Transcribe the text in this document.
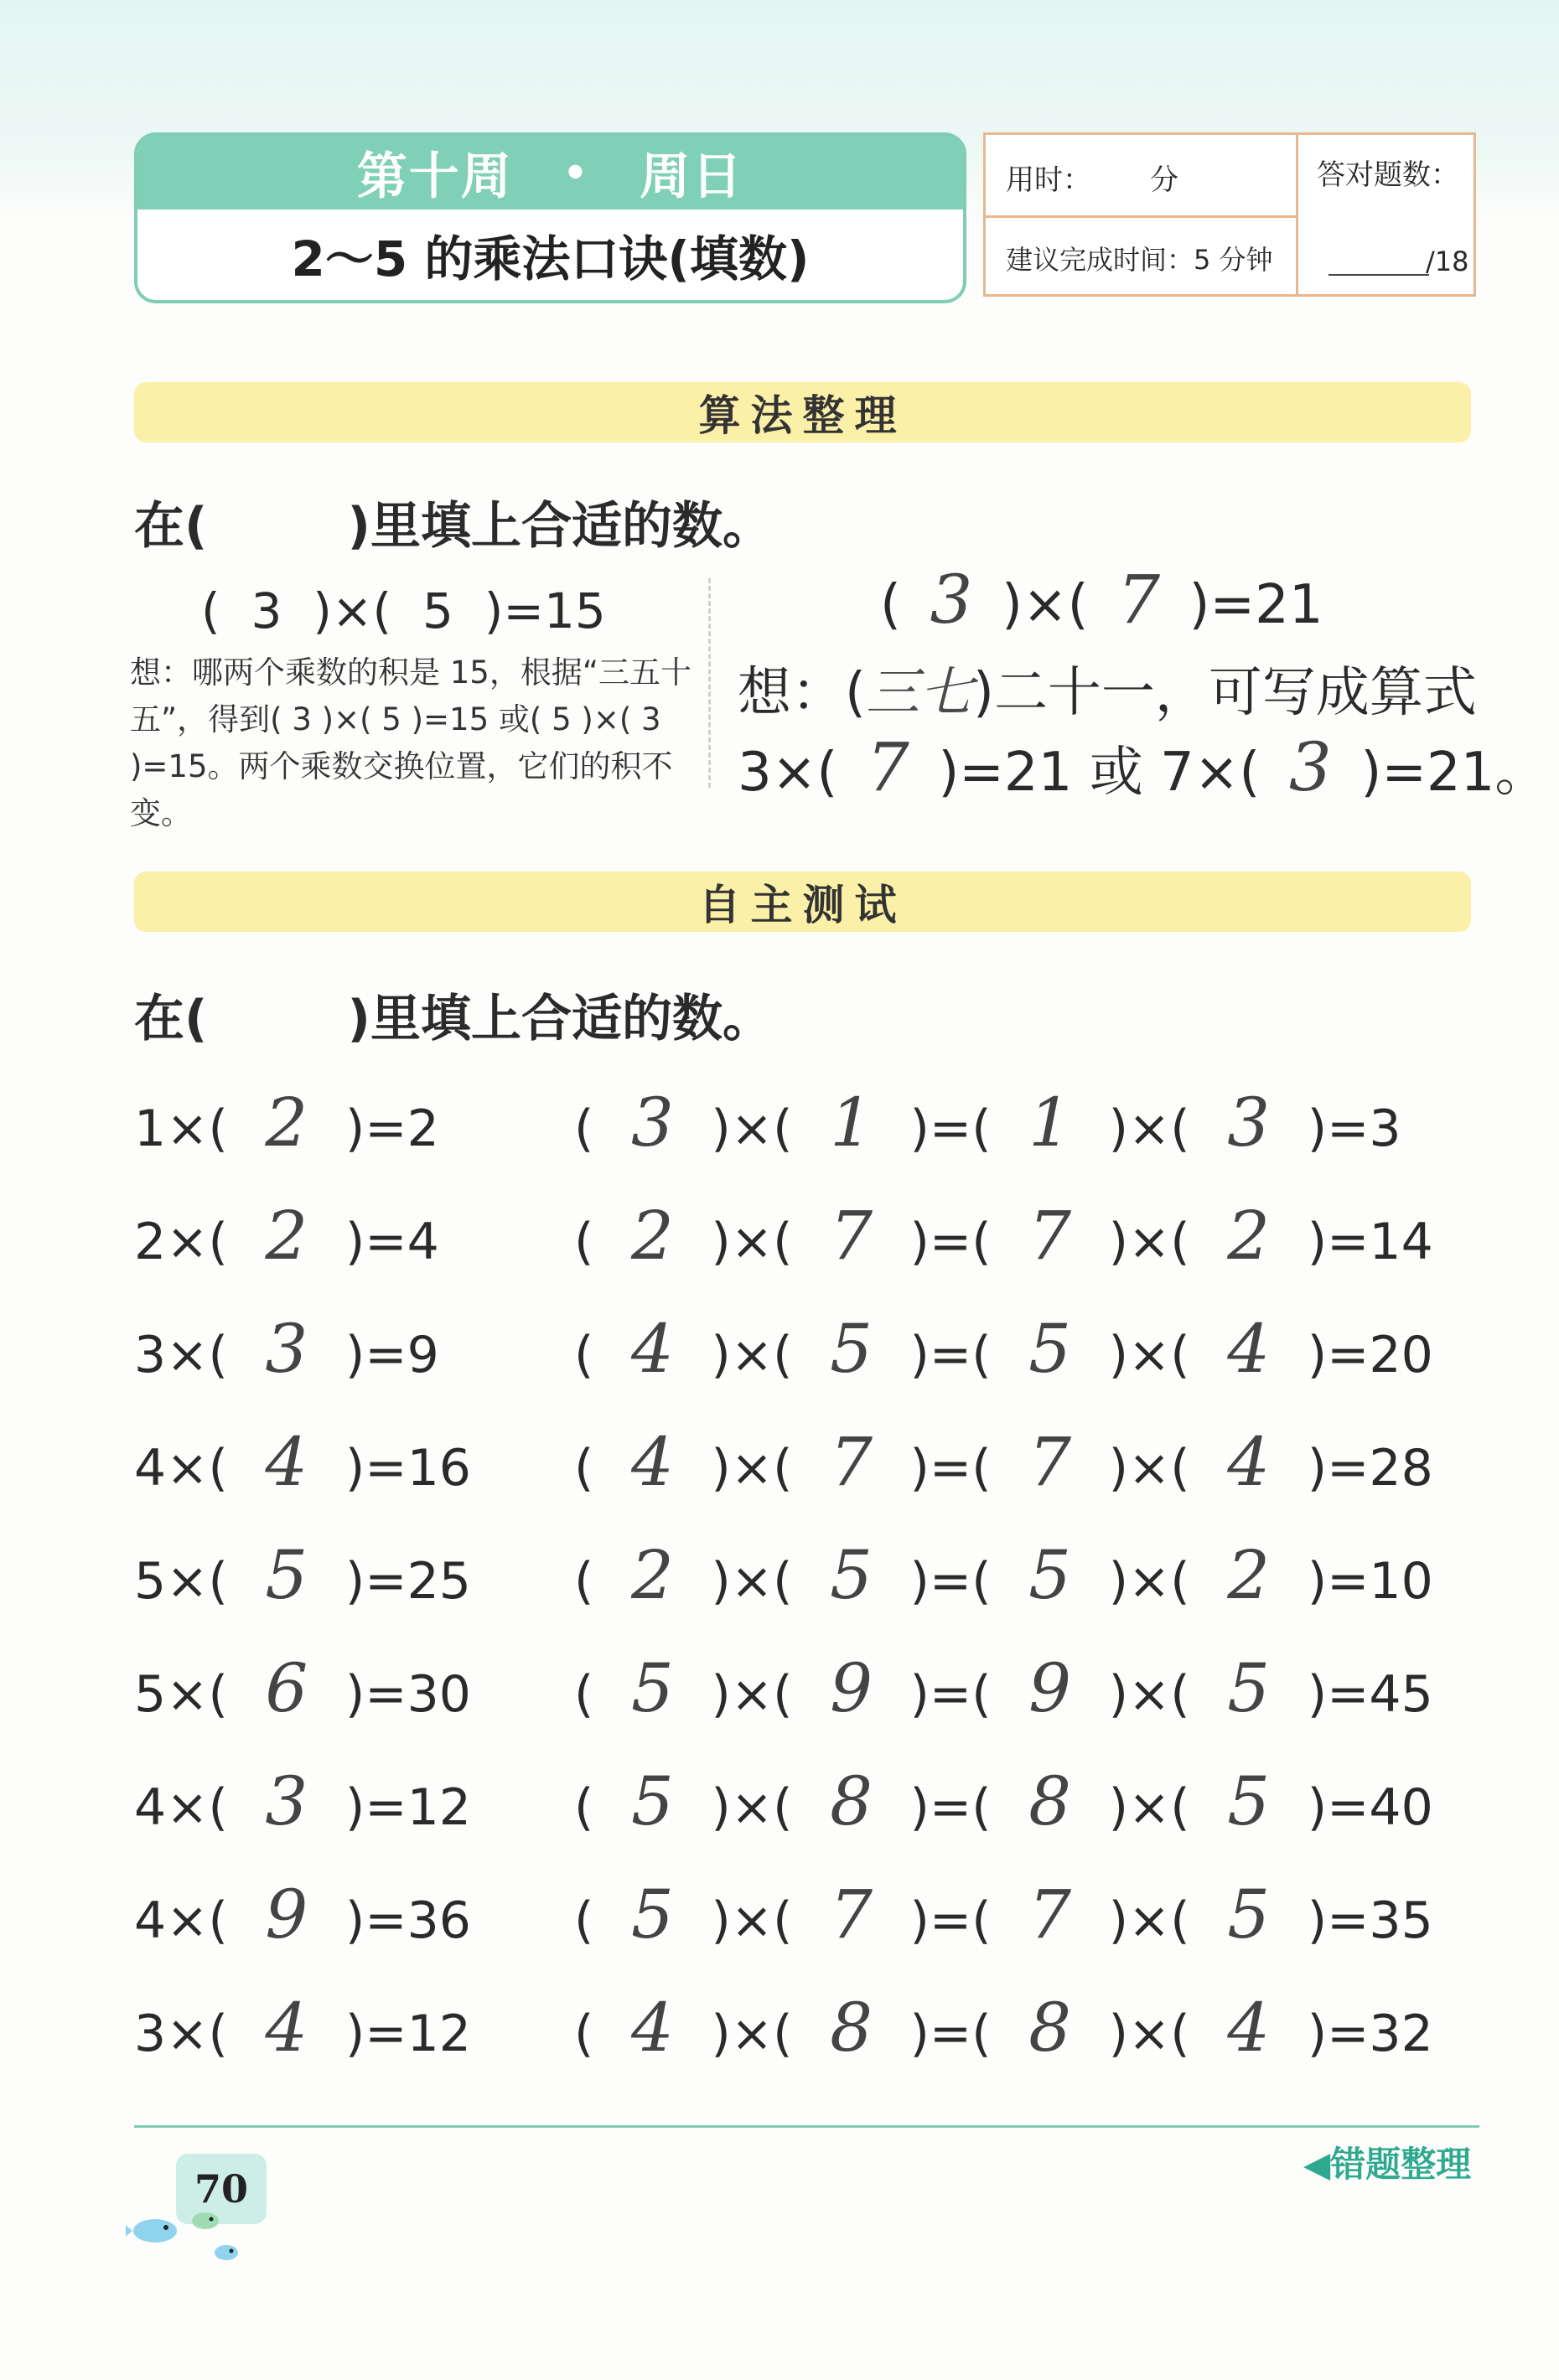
第十周 • 周日
2～5 的乘法口诀(填数)
用时： 分
建议完成时间：5 分钟
答对题数：
/18
算法整理
在(        )里填上合适的数。
(  3  )×(  5  )=15
想：哪两个乘数的积是 15，根据“三五十五”，得到( 3 )×( 5 )=15 或( 5 )×( 3 )=15。两个乘数交换位置，它们的积不变。
( 3 )×( 7 )=21
想：(三七)二十一，可写成算式
3×( 7 )=21 或 7×( 3 )=21。
自主测试
在(        )里填上合适的数。
1×( 2 )=2	( 3 )×( 1 )=( 1 )×( 3 )=3
2×( 2 )=4	( 2 )×( 7 )=( 7 )×( 2 )=14
3×( 3 )=9	( 4 )×( 5 )=( 5 )×( 4 )=20
4×( 4 )=16 ( 4 )×( 7 )=( 7 )×( 4 )=28
5×( 5 )=25 ( 2 )×( 5 )=( 5 )×( 2 )=10
5×( 6 )=30 ( 5 )×( 9 )=( 9 )×( 5 )=45
4×( 3 )=12 ( 5 )×( 8 )=( 8 )×( 5 )=40
4×( 9 )=36 ( 5 )×( 7 )=( 7 )×( 5 )=35
3×( 4 )=12 ( 4 )×( 8 )=( 8 )×( 4 )=32
70
◀错题整理
